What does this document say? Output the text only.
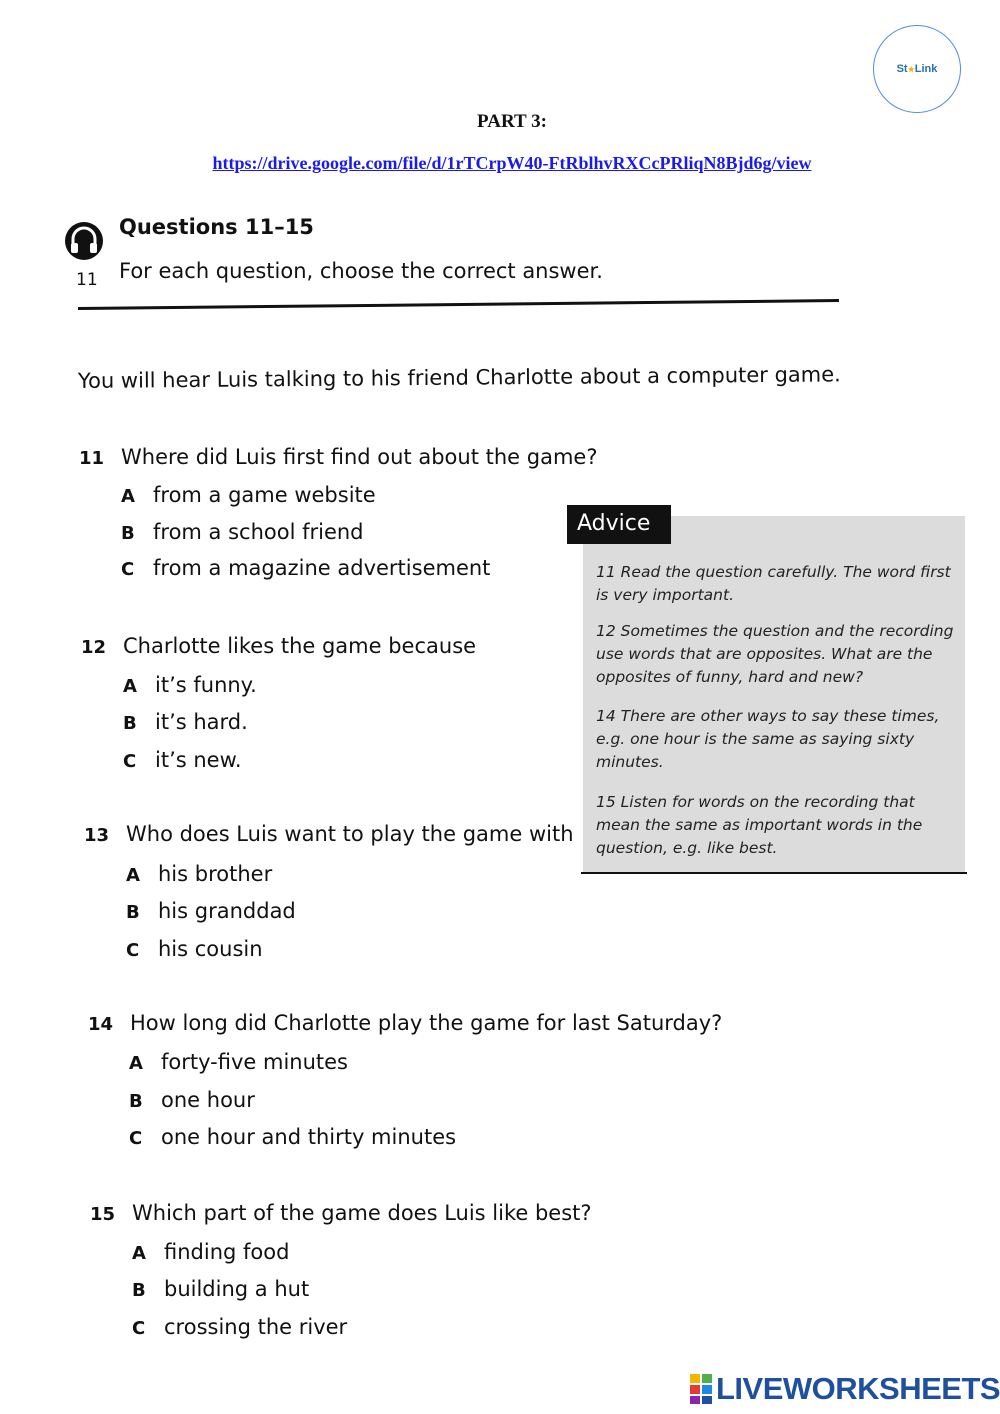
St ★ Link
PART 3:
https://drive.google.com/file/d/1rTCrpW40-FtRblhvRXCcPRliqN8Bjd6g/view
11
Questions 11–15
For each question, choose the correct answer.
You will hear Luis talking to his friend Charlotte about a computer game.
11 Where did Luis first find out about the game?
A from a game website
B from a school friend
C from a magazine advertisement
12 Charlotte likes the game because
A it’s funny.
B it’s hard.
C it’s new.
13 Who does Luis want to play the game with
A his brother
B his granddad
C his cousin
14 How long did Charlotte play the game for last Saturday?
A forty-five minutes
B one hour
C one hour and thirty minutes
15 Which part of the game does Luis like best?
A finding food
B building a hut
C crossing the river
Advice
11 Read the question carefully. The word first is very important.
12 Sometimes the question and the recording use words that are opposites. What are the opposites of funny, hard and new?
14 There are other ways to say these times, e.g. one hour is the same as saying sixty minutes.
15 Listen for words on the recording that mean the same as important words in the question, e.g. like best.
LIVEWORKSHEETS
